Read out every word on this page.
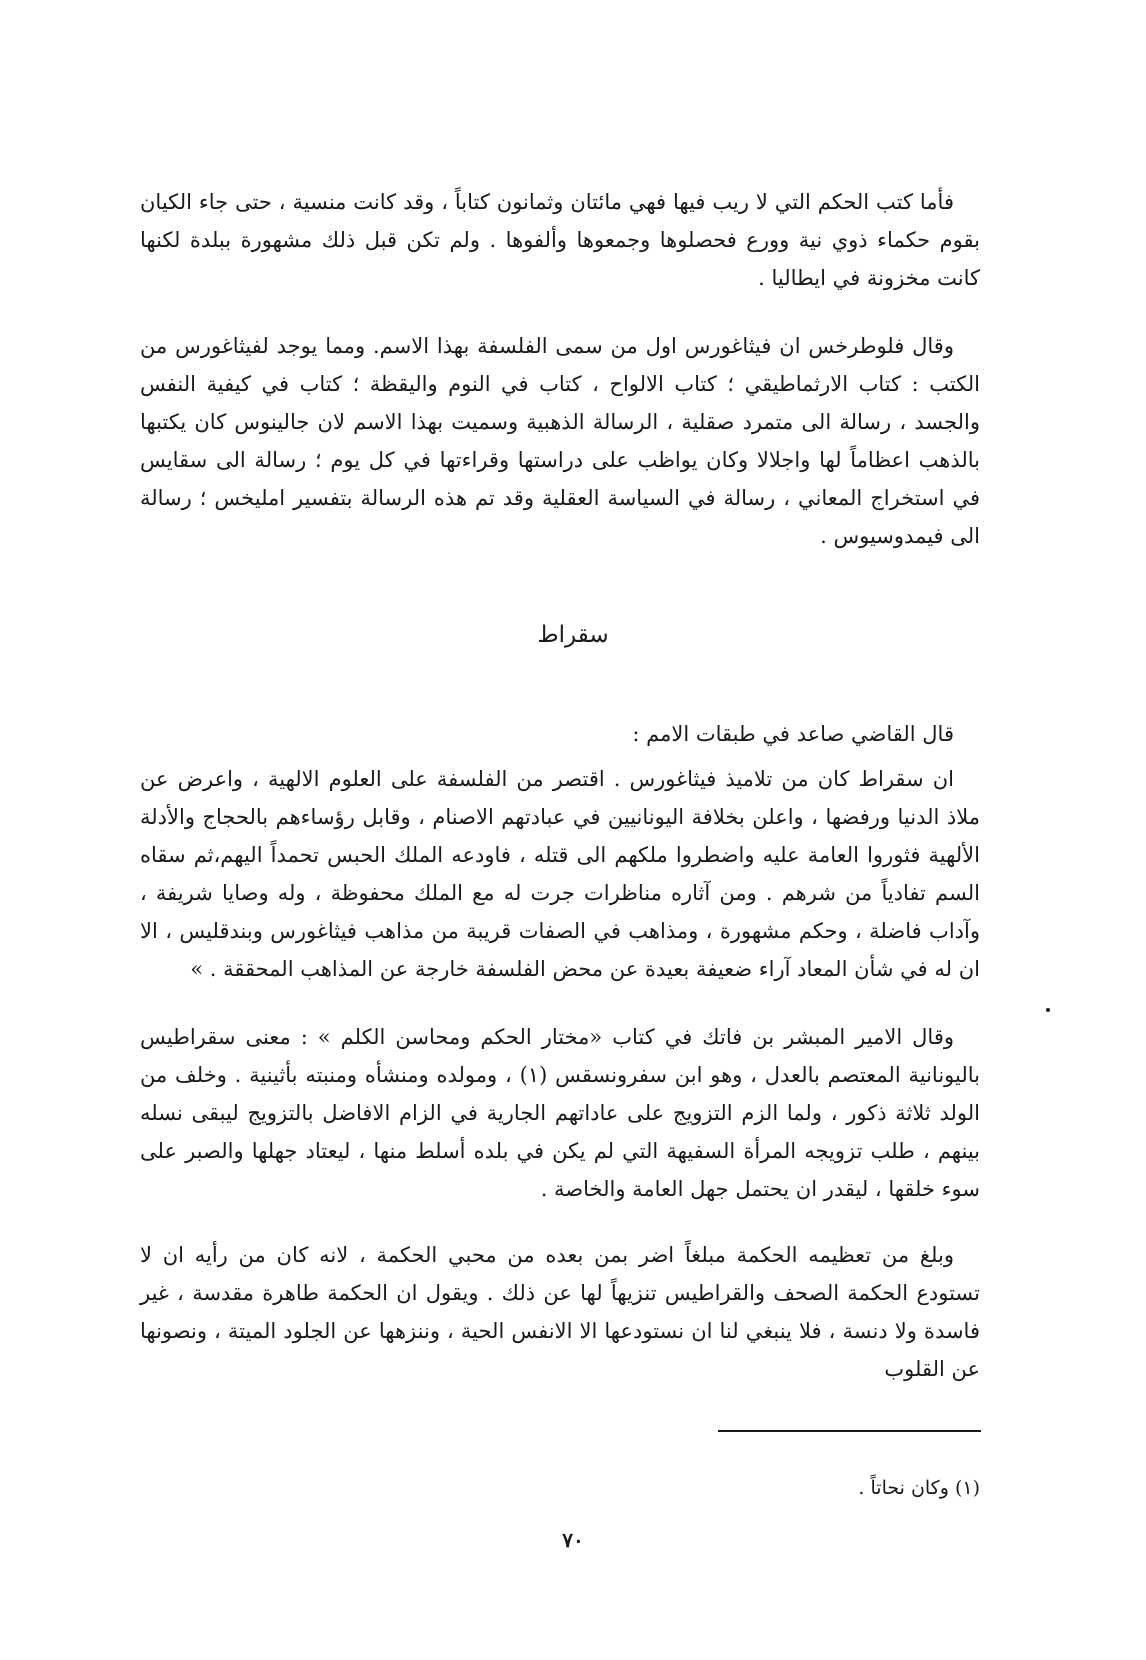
فأما كتب الحكم التي لا ريب فيها فهي مائتان وثمانون كتاباً ، وقد كانت منسية ، حتى جاء الكيان بقوم حكماء ذوي نية وورع فحصلوها وجمعوها وألفوها . ولم تكن قبل ذلك مشهورة ببلدة لكنها كانت مخزونة في ايطاليا .

وقال فلوطرخس ان فيثاغورس اول من سمى الفلسفة بهذا الاسم. ومما يوجد لفيثاغورس من الكتب : كتاب الارثماطيقي ؛ كتاب الالواح ، كتاب في النوم واليقظة ؛ كتاب في كيفية النفس والجسد ، رسالة الى متمرد صقلية ، الرسالة الذهبية وسميت بهذا الاسم لان جالينوس كان يكتبها بالذهب اعظاماً لها واجلالا وكان يواظب على دراستها وقراءتها في كل يوم ؛ رسالة الى سقايس في استخراج المعاني ، رسالة في السياسة العقلية وقد تم هذه الرسالة بتفسير امليخس ؛ رسالة الى فيمدوسيوس .

سقراط

قال القاضي صاعد في طبقات الامم :

ان سقراط كان من تلاميذ فيثاغورس . اقتصر من الفلسفة على العلوم الالهية ، واعرض عن ملاذ الدنيا ورفضها ، واعلن بخلافة اليونانيين في عبادتهم الاصنام ، وقابل رؤساءهم بالحجاج والأدلة الألهية فثوروا العامة عليه واضطروا ملكهم الى قتله ، فاودعه الملك الحبس تحمداً اليهم،ثم سقاه السم تفادياً من شرهم . ومن آثاره مناظرات جرت له مع الملك محفوظة ، وله وصايا شريفة ، وآداب فاضلة ، وحكم مشهورة ، ومذاهب في الصفات قريبة من مذاهب فيثاغورس وبندقليس ، الا ان له في شأن المعاد آراء ضعيفة بعيدة عن محض الفلسفة خارجة عن المذاهب المحققة . »

وقال الامير المبشر بن فاتك في كتاب «مختار الحكم ومحاسن الكلم » : معنى سقراطيس باليونانية المعتصم بالعدل ، وهو ابن سفرونسقس (١) ، ومولده ومنشأه ومنبته بأثينية . وخلف من الولد ثلاثة ذكور ، ولما الزم التزويج على عاداتهم الجارية في الزام الافاضل بالتزويج ليبقى نسله بينهم ، طلب تزويجه المرأة السفيهة التي لم يكن في بلده أسلط منها ، ليعتاد جهلها والصبر على سوء خلقها ، ليقدر ان يحتمل جهل العامة والخاصة .

وبلغ من تعظيمه الحكمة مبلغاً اضر بمن بعده من محبي الحكمة ، لانه كان من رأيه ان لا تستودع الحكمة الصحف والقراطيس تنزيهاً لها عن ذلك . ويقول ان الحكمة طاهرة مقدسة ، غير فاسدة ولا دنسة ، فلا ينبغي لنا ان نستودعها الا الانفس الحية ، وننزهها عن الجلود الميتة ، ونصونها عن القلوب

(١) وكان نحاتاً .
٧٠
